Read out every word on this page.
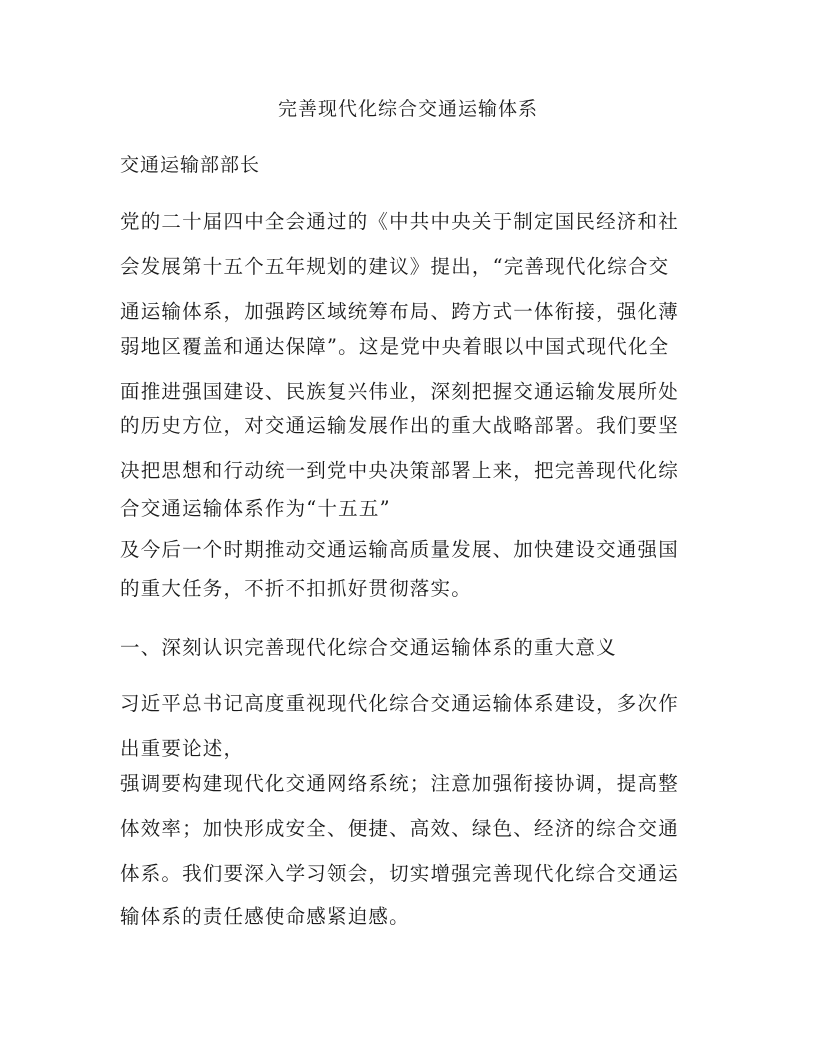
完善现代化综合交通运输体系
交通运输部部长
党的二十届四中全会通过的《中共中央关于制定国民经济和社
会发展第十五个五年规划的建议》提出，“完善现代化综合交
通运输体系，加强跨区域统筹布局、跨方式一体衔接，强化薄
弱地区覆盖和通达保障”。这是党中央着眼以中国式现代化全
面推进强国建设、民族复兴伟业，深刻把握交通运输发展所处
的历史方位，对交通运输发展作出的重大战略部署。我们要坚
决把思想和行动统一到党中央决策部署上来，把完善现代化综
合交通运输体系作为“十五五”
及今后一个时期推动交通运输高质量发展、加快建设交通强国
的重大任务，不折不扣抓好贯彻落实。
一、深刻认识完善现代化综合交通运输体系的重大意义
习近平总书记高度重视现代化综合交通运输体系建设，多次作
出重要论述，
强调要构建现代化交通网络系统；注意加强衔接协调，提高整
体效率；加快形成安全、便捷、高效、绿色、经济的综合交通
体系。我们要深入学习领会，切实增强完善现代化综合交通运
输体系的责任感使命感紧迫感。
